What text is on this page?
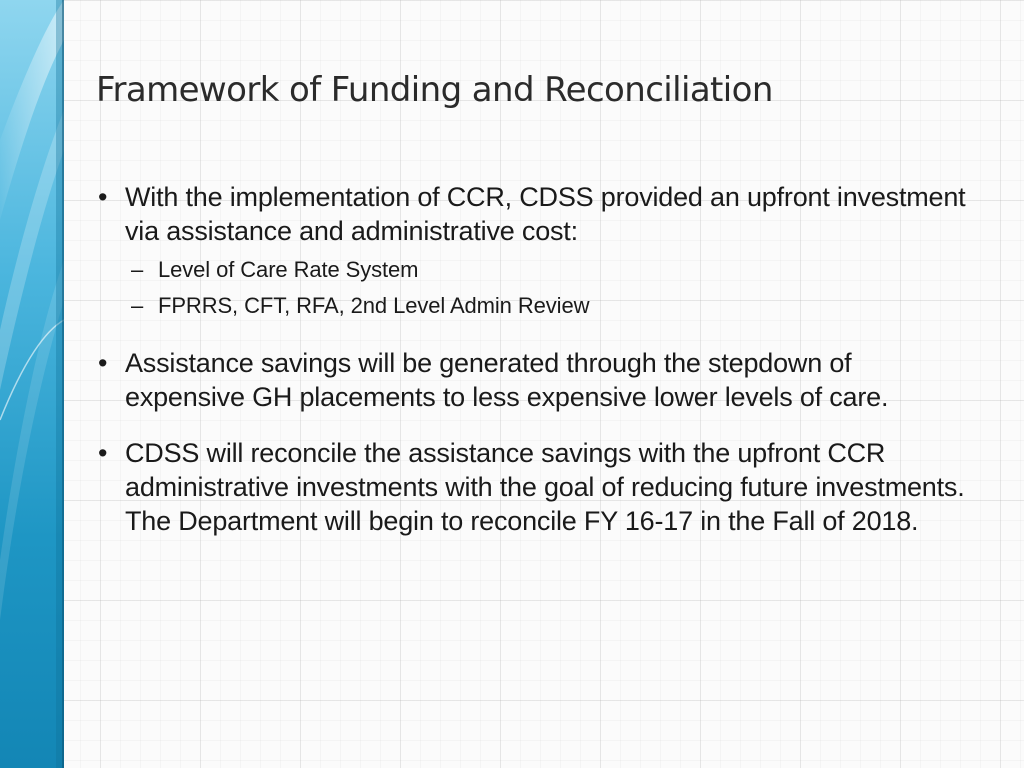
Framework of Funding and Reconciliation
• With the implementation of CCR, CDSS provided an upfront investment via assistance and administrative cost:
– Level of Care Rate System
– FPRRS, CFT, RFA, 2nd Level Admin Review
• Assistance savings will be generated through the stepdown of expensive GH placements to less expensive lower levels of care.
• CDSS will reconcile the assistance savings with the upfront CCR administrative investments with the goal of reducing future investments. The Department will begin to reconcile FY 16-17 in the Fall of 2018.
